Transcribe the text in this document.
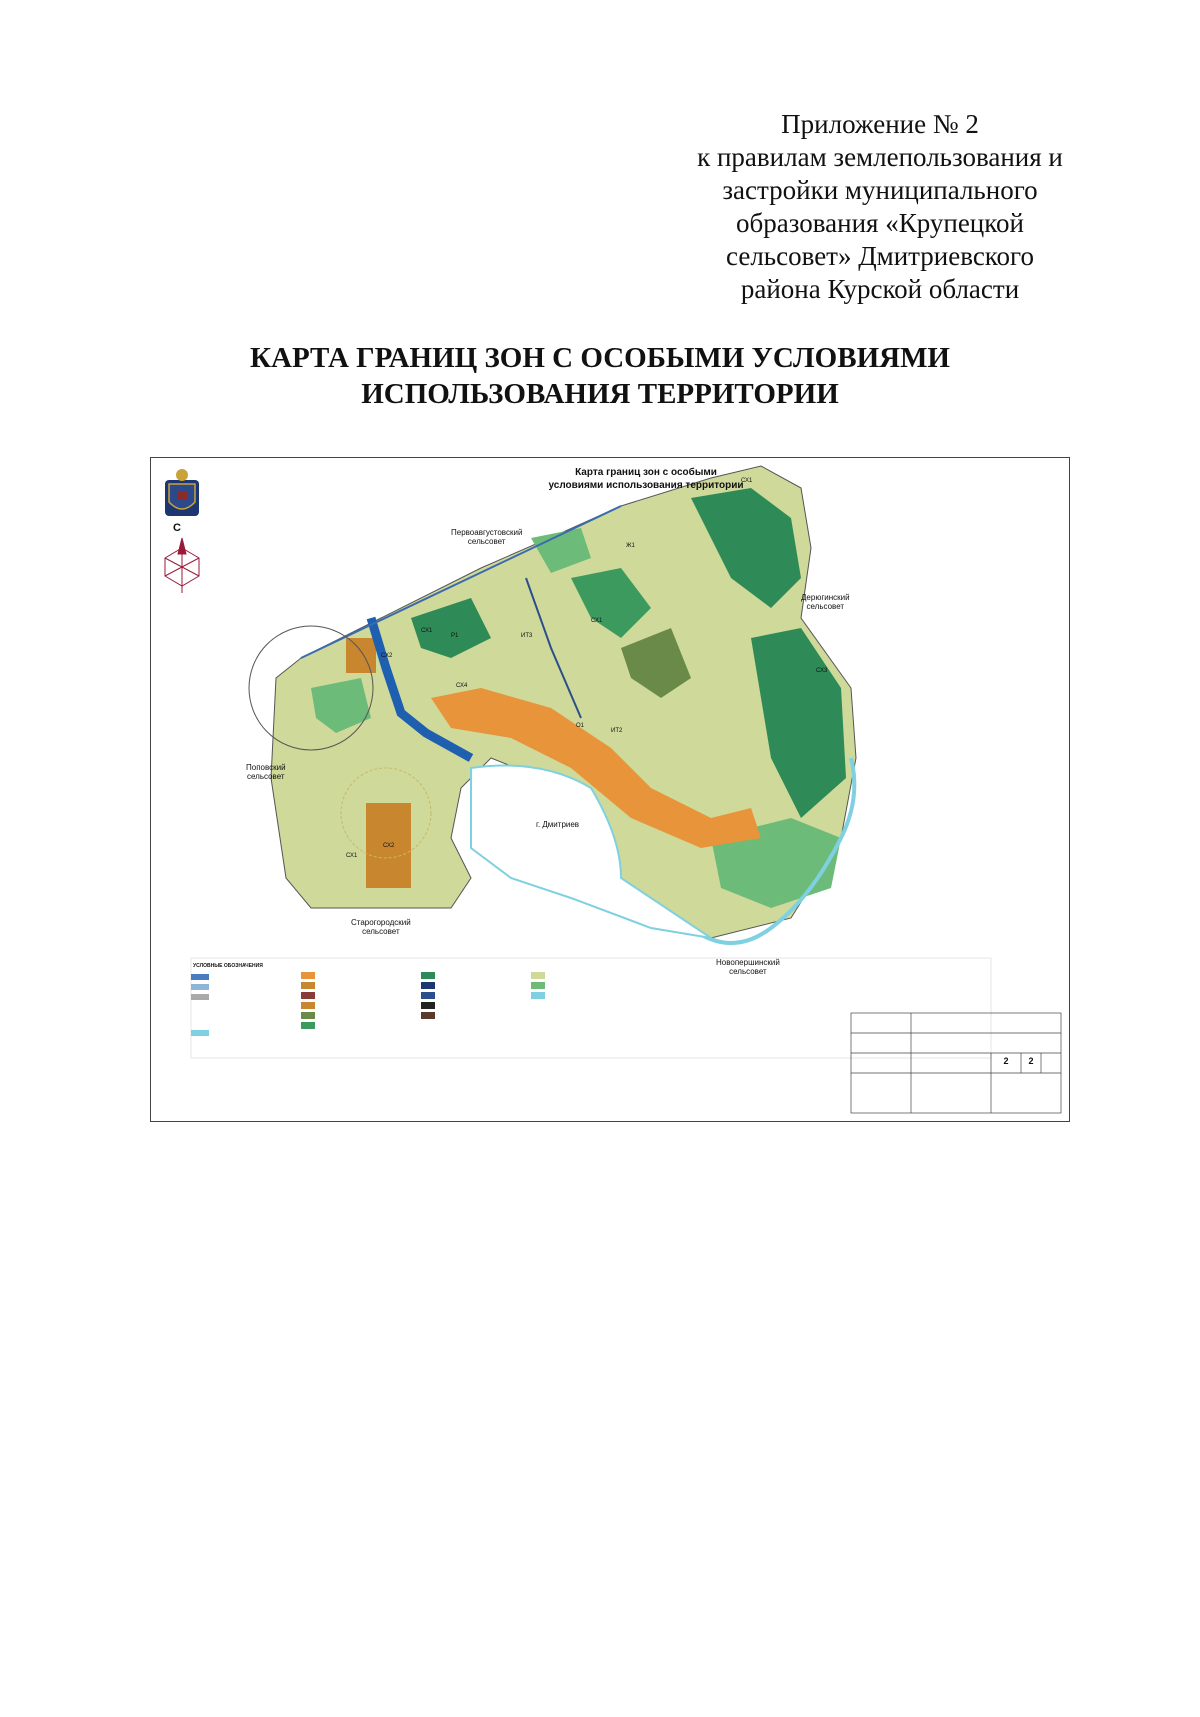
Приложение № 2
к правилам землепользования и
застройки муниципального
образования «Крупецкой
сельсовет» Дмитриевского
района Курской области
КАРТА ГРАНИЦ ЗОН С ОСОБЫМИ УСЛОВИЯМИ
ИСПОЛЬЗОВАНИЯ ТЕРРИТОРИИ
Карта границ зон с особыми
условиями использования территории
С	Первоавгустовский
сельсовет
Дерюгинский
сельсовет
Поповский
сельсовет
Старогородский
сельсовет
Новопершинский
сельсовет
г. Дмитриев
СХ1
СХ1
СХ1
СХ1
СХ2
СХ2
СХ3
СХ4
Ж1
Р1
ИТ2
ИТ3
О1
УСЛОВНЫЕ ОБОЗНАЧЕНИЯ
2	2
